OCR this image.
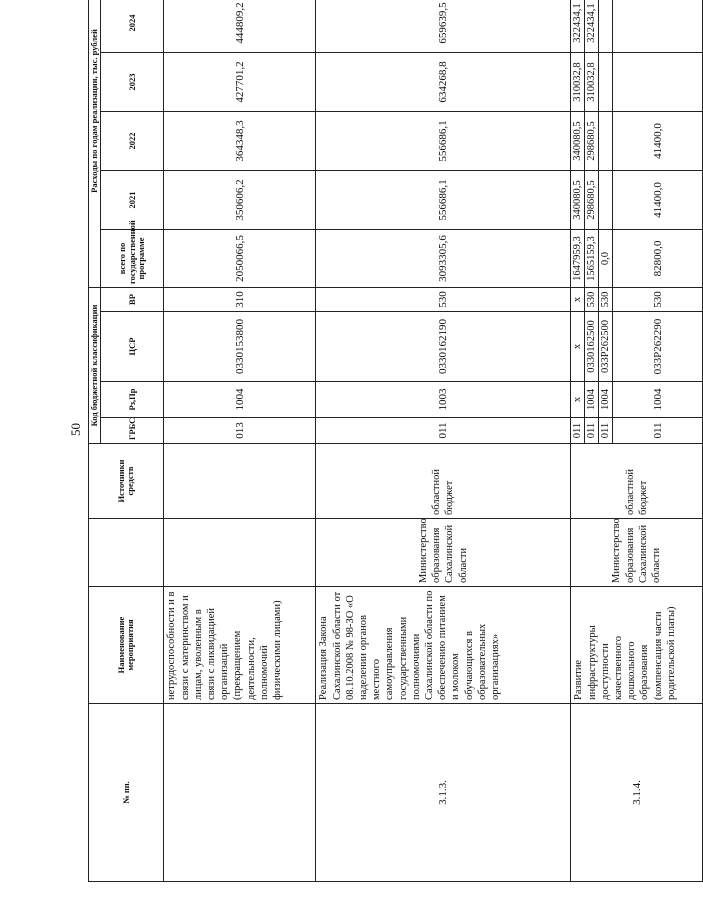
50
№ пп.	Наименование мероприятия		Источники средств	Код бюджетной классификации				Расходы по годам реализации, тыс. рублей					
				ГРБС	Рз,Пр	ЦСР	ВР	всего по государственной программе	2021	2022	2023	2024	
	нетрудоспособности и в связи с материнством и лицам, уволенным в связи с ликвидацией организаций (прекращением деятельности, полномочий физическими лицами)			013	1004	0330153800	310	2050066,5	350606,2	364348,3	427701,2	444809,2	
3.1.3.	Реализация Закона Сахалинской области от 08.10.2008 № 98-ЗО «О наделении органов местного самоуправления государственными полномочиями Сахалинской области по обеспечению питанием и молоком обучающихся в образовательных организациях»	Министерство образования Сахалинской области	областной бюджет	011	1003	0330162190	530	3093305,6	556686,1	556686,1	634268,8	659639,5	
3.1.4.	Развитие инфраструктуры доступности качественного дошкольного образования (компенсация части родительской платы)	Министерство образования Сахалинской области	областной бюджет	011	х	х	х	1647959,3	340080,5	340080,5	310032,8	322434,1	
				011	1004	0330162500	530	1565159,3	298680,5	298680,5	310032,8	322434,1	
				011	1004	033P262500	530	0,0					
				011	1004	033P262290	530	82800,0	41400,0	41400,0			
